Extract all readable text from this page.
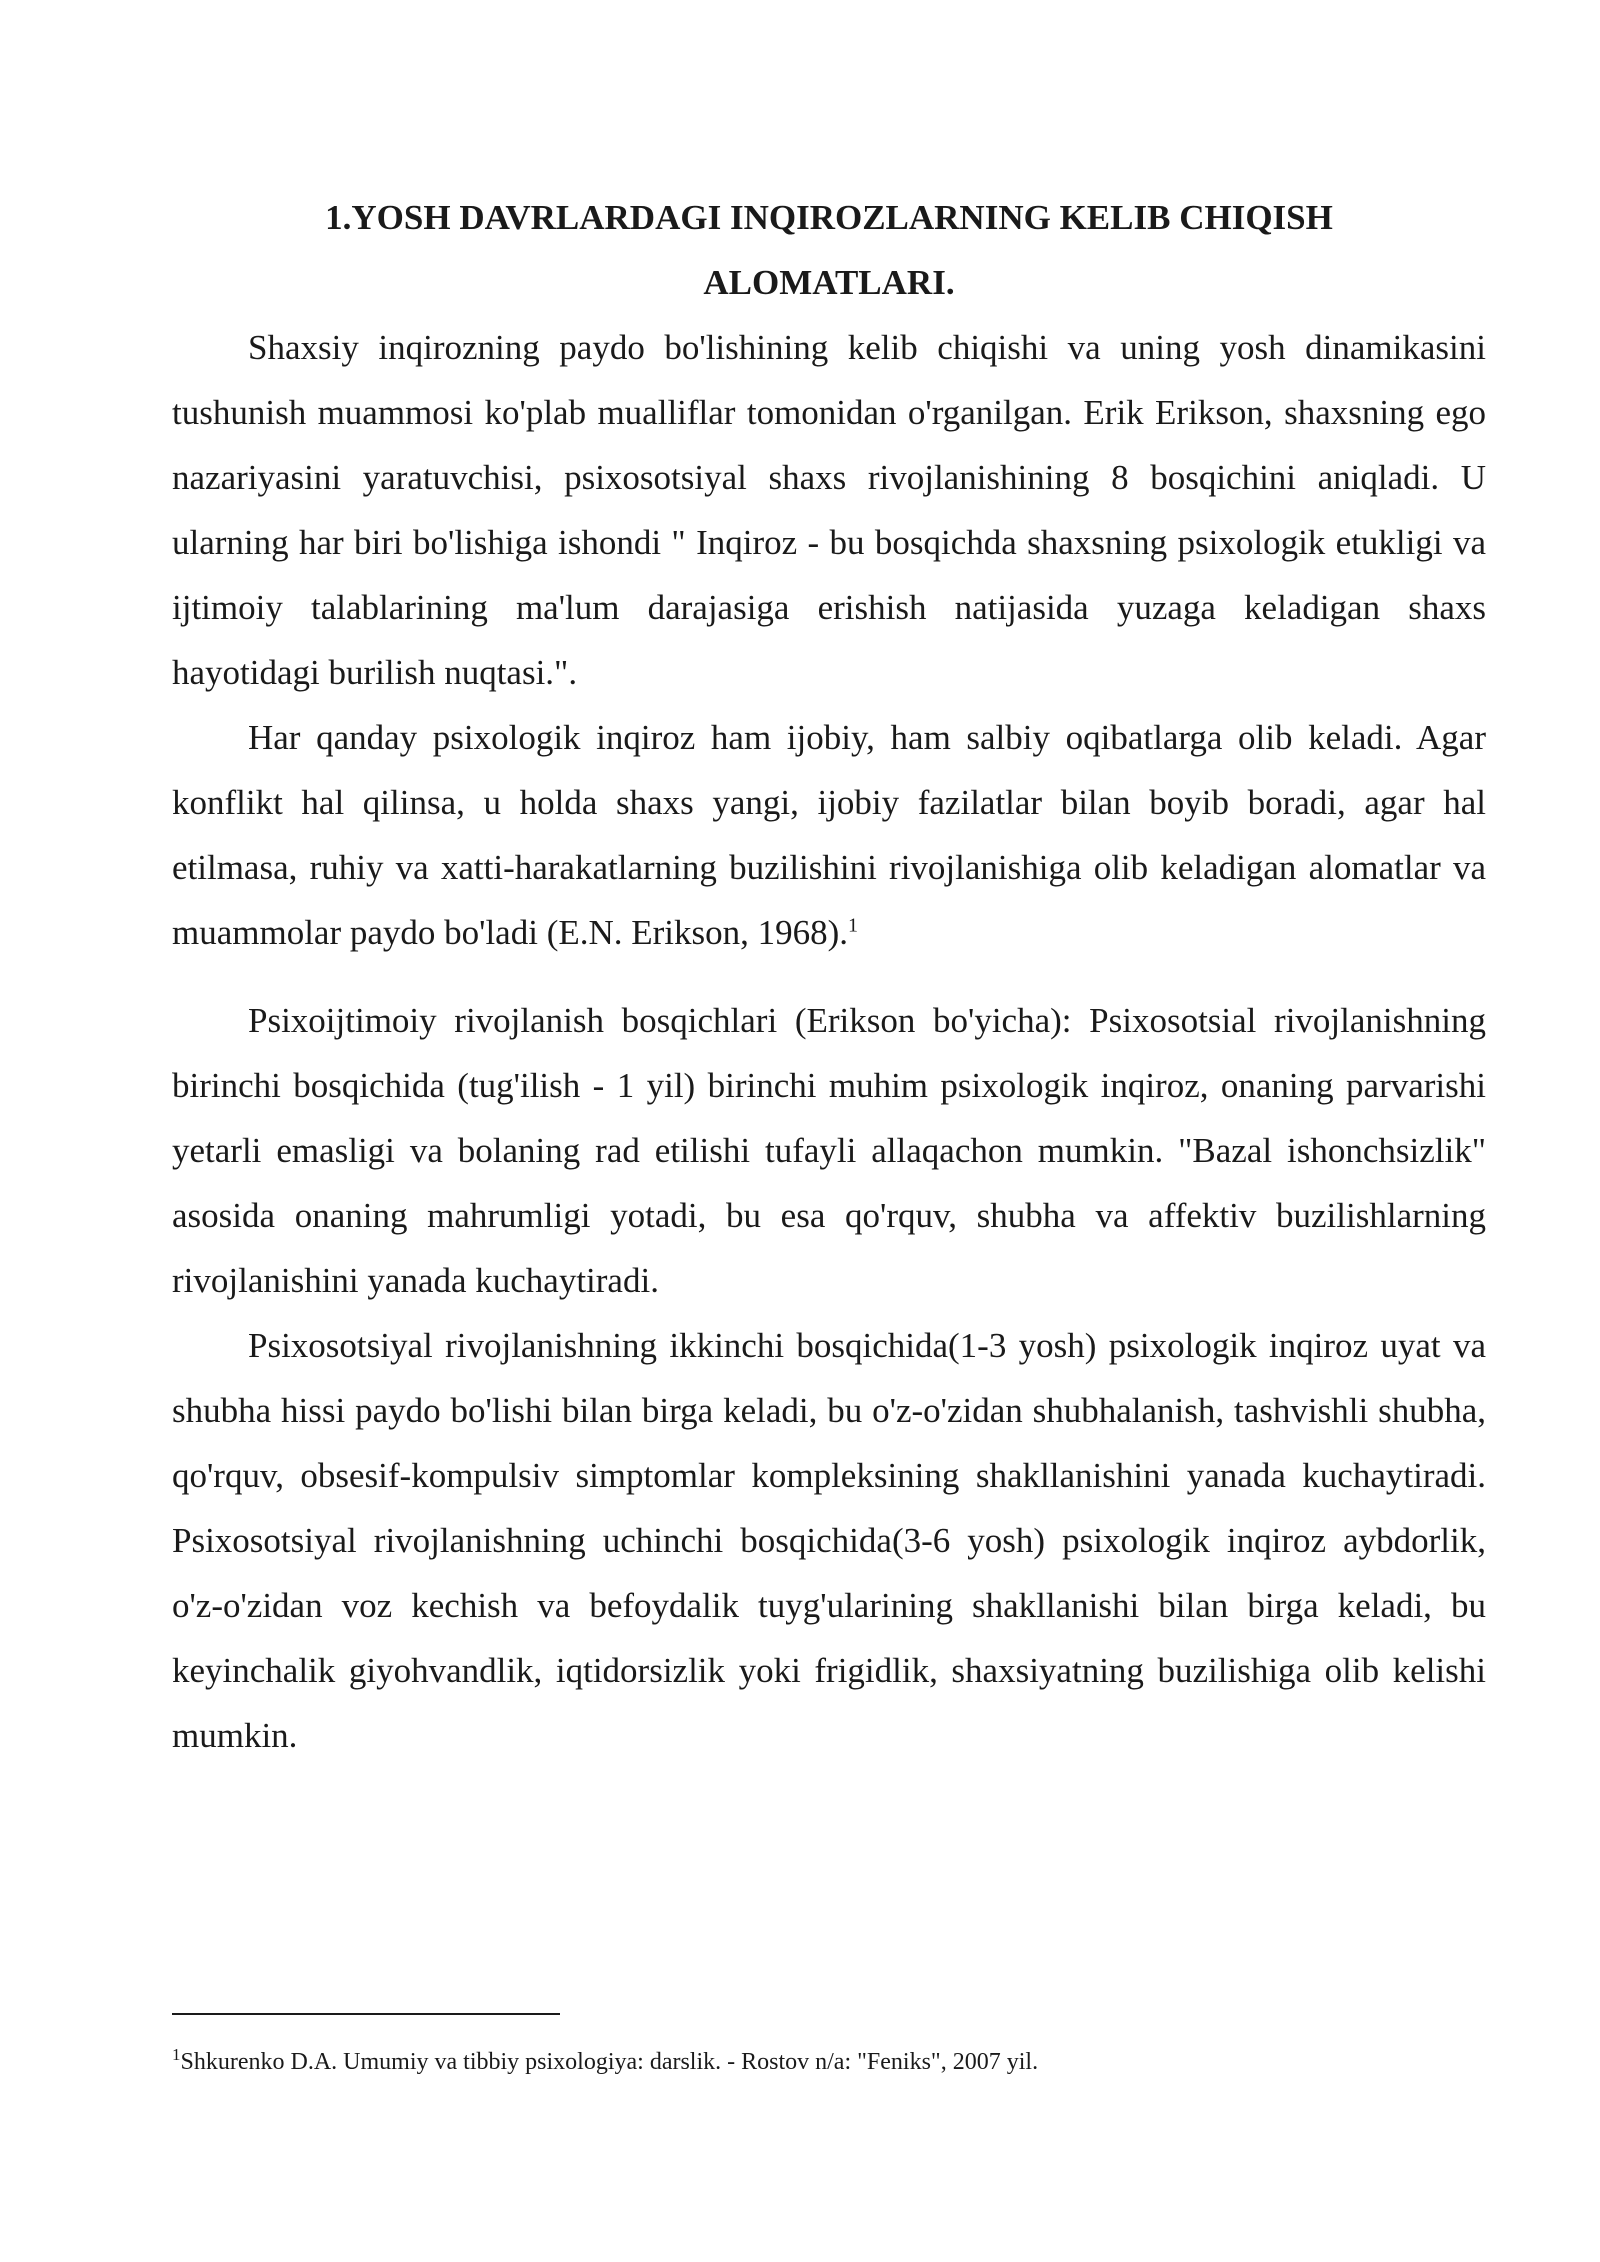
1.YOSH DAVRLARDAGI INQIROZLARNING KELIB CHIQISH ALOMATLARI.

Shaxsiy inqirozning paydo bo'lishining kelib chiqishi va uning yosh dinamikasini tushunish muammosi ko'plab mualliflar tomonidan o'rganilgan. Erik Erikson, shaxsning ego nazariyasini yaratuvchisi, psixosotsiyal shaxs rivojlanishining 8 bosqichini aniqladi. U ularning har biri bo'lishiga ishondi " Inqiroz - bu bosqichda shaxsning psixologik etukligi va ijtimoiy talablarining ma'lum darajasiga erishish natijasida yuzaga keladigan shaxs hayotidagi burilish nuqtasi.".

Har qanday psixologik inqiroz ham ijobiy, ham salbiy oqibatlarga olib keladi. Agar konflikt hal qilinsa, u holda shaxs yangi, ijobiy fazilatlar bilan boyib boradi, agar hal etilmasa, ruhiy va xatti-harakatlarning buzilishini rivojlanishiga olib keladigan alomatlar va muammolar paydo bo'ladi (E.N. Erikson, 1968).$^1$

Psixoijtimoiy rivojlanish bosqichlari (Erikson bo'yicha): Psixosotsial rivojlanishning birinchi bosqichida (tug'ilish - 1 yil) birinchi muhim psixologik inqiroz, onaning parvarishi yetarli emasligi va bolaning rad etilishi tufayli allaqachon mumkin. "Bazal ishonchsizlik" asosida onaning mahrumligi yotadi, bu esa qo'rquv, shubha va affektiv buzilishlarning rivojlanishini yanada kuchaytiradi.

Psixosotsiyal rivojlanishning ikkinchi bosqichida(1-3 yosh) psixologik inqiroz uyat va shubha hissi paydo bo'lishi bilan birga keladi, bu o'z-o'zidan shubhalanish, tashvishli shubha, qo'rquv, obsesif-kompulsiv simptomlar kompleksining shakllanishini yanada kuchaytiradi. Psixosotsiyal rivojlanishning uchinchi bosqichida(3-6 yosh) psixologik inqiroz aybdorlik, o'z-o'zidan voz kechish va befoydalik tuyg'ularining shakllanishi bilan birga keladi, bu keyinchalik giyohvandlik, iqtidorsizlik yoki frigidlik, shaxsiyatning buzilishiga olib kelishi mumkin.

$^1$Shkurenko D.A. Umumiy va tibbiy psixologiya: darslik. - Rostov n/a: "Feniks", 2007 yil.
